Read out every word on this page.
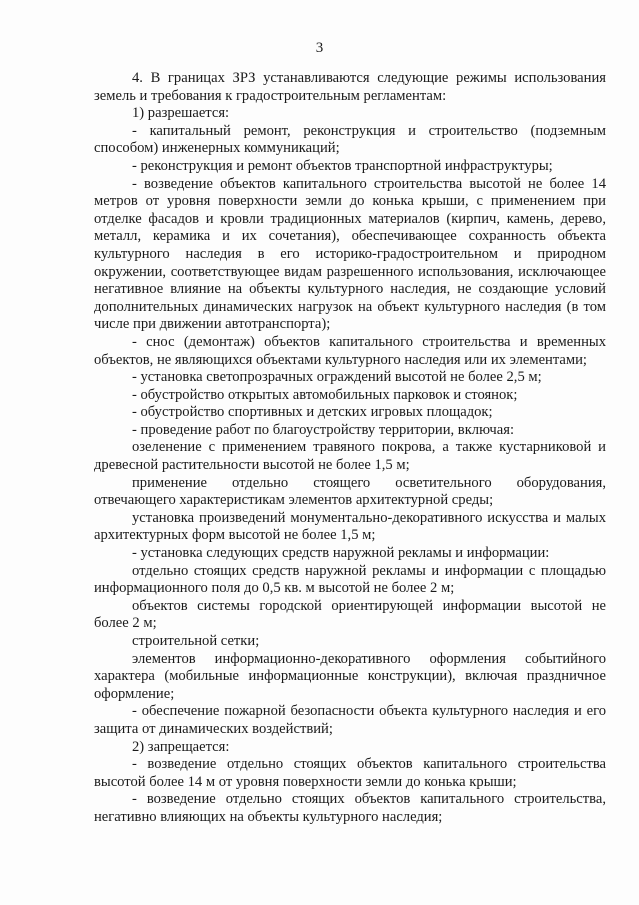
3

4. В границах ЗРЗ устанавливаются следующие режимы использования земель и требования к градостроительным регламентам:

1) разрешается:

- капитальный ремонт, реконструкция и строительство (подземным способом) инженерных коммуникаций;

- реконструкция и ремонт объектов транспортной инфраструктуры;

- возведение объектов капитального строительства высотой не более 14 метров от уровня поверхности земли до конька крыши, с применением при отделке фасадов и кровли традиционных материалов (кирпич, камень, дерево, металл, керамика и их сочетания), обеспечивающее сохранность объекта культурного наследия в его историко-градостроительном и природном окружении, соответствующее видам разрешенного использования, исключающее негативное влияние на объекты культурного наследия, не создающие условий дополнительных динамических нагрузок на объект культурного наследия (в том числе при движении автотранспорта);

- снос (демонтаж) объектов капитального строительства и временных объектов, не являющихся объектами культурного наследия или их элементами;

- установка светопрозрачных ограждений высотой не более 2,5 м;

- обустройство открытых автомобильных парковок и стоянок;

- обустройство спортивных и детских игровых площадок;

- проведение работ по благоустройству территории, включая:

озеленение с применением травяного покрова, а также кустарниковой и древесной растительности высотой не более 1,5 м;

применение отдельно стоящего осветительного оборудования, отвечающего характеристикам элементов архитектурной среды;

установка произведений монументально-декоративного искусства и малых архитектурных форм высотой не более 1,5 м;

- установка следующих средств наружной рекламы и информации:

отдельно стоящих средств наружной рекламы и информации с площадью информационного поля до 0,5 кв. м высотой не более 2 м;

объектов системы городской ориентирующей информации высотой не более 2 м;

строительной сетки;

элементов информационно-декоративного оформления событийного характера (мобильные информационные конструкции), включая праздничное оформление;

- обеспечение пожарной безопасности объекта культурного наследия и его защита от динамических воздействий;

2) запрещается:

- возведение отдельно стоящих объектов капитального строительства высотой более 14 м от уровня поверхности земли до конька крыши;

- возведение отдельно стоящих объектов капитального строительства, негативно влияющих на объекты культурного наследия;
